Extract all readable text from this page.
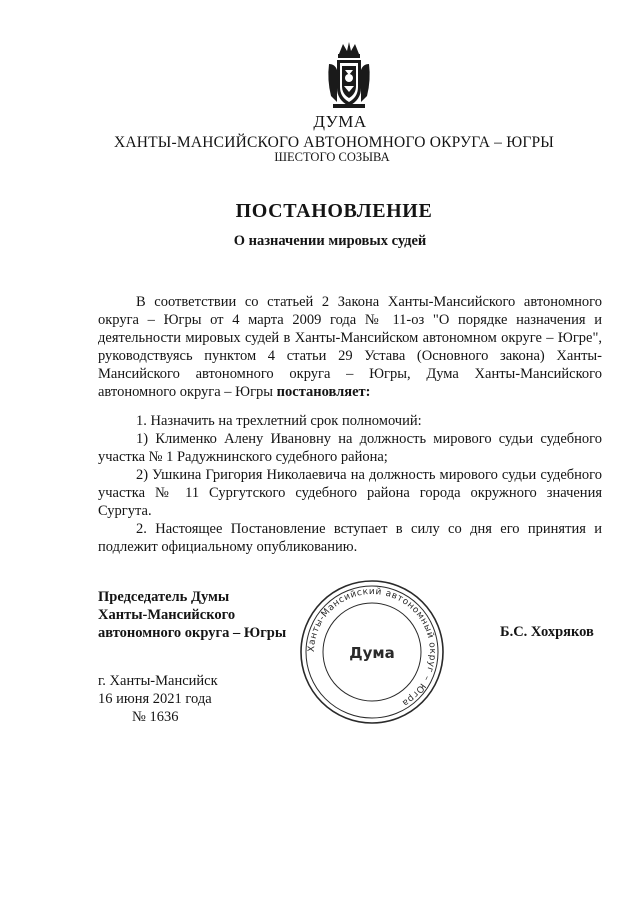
ДУМА
ХАНТЫ-МАНСИЙСКОГО АВТОНОМНОГО ОКРУГА – ЮГРЫ
ШЕСТОГО СОЗЫВА
ПОСТАНОВЛЕНИЕ
О назначении мировых судей
В соответствии со статьей 2 Закона Ханты-Мансийского автономного округа – Югры от 4 марта 2009 года № 11-оз "О порядке назначения и деятельности мировых судей в Ханты-Мансийском автономном округе – Югре", руководствуясь пунктом 4 статьи 29 Устава (Основного закона) Ханты-Мансийского автономного округа – Югры, Дума Ханты-Мансийского автономного округа – Югры постановляет:
1. Назначить на трехлетний срок полномочий:
1) Клименко Алену Ивановну на должность мирового судьи судебного участка № 1 Радужнинского судебного района;
2) Ушкина Григория Николаевича на должность мирового судьи судебного участка № 11 Сургутского судебного района города окружного значения Сургута.
2. Настоящее Постановление вступает в силу со дня его принятия и подлежит официальному опубликованию.
Председатель Думы
Ханты-Мансийского
автономного округа – Югры
Ханты-Мансийский автономный округ – Югра
Дума
Б.С. Хохряков
г. Ханты-Мансийск
16 июня 2021 года
№ 1636
